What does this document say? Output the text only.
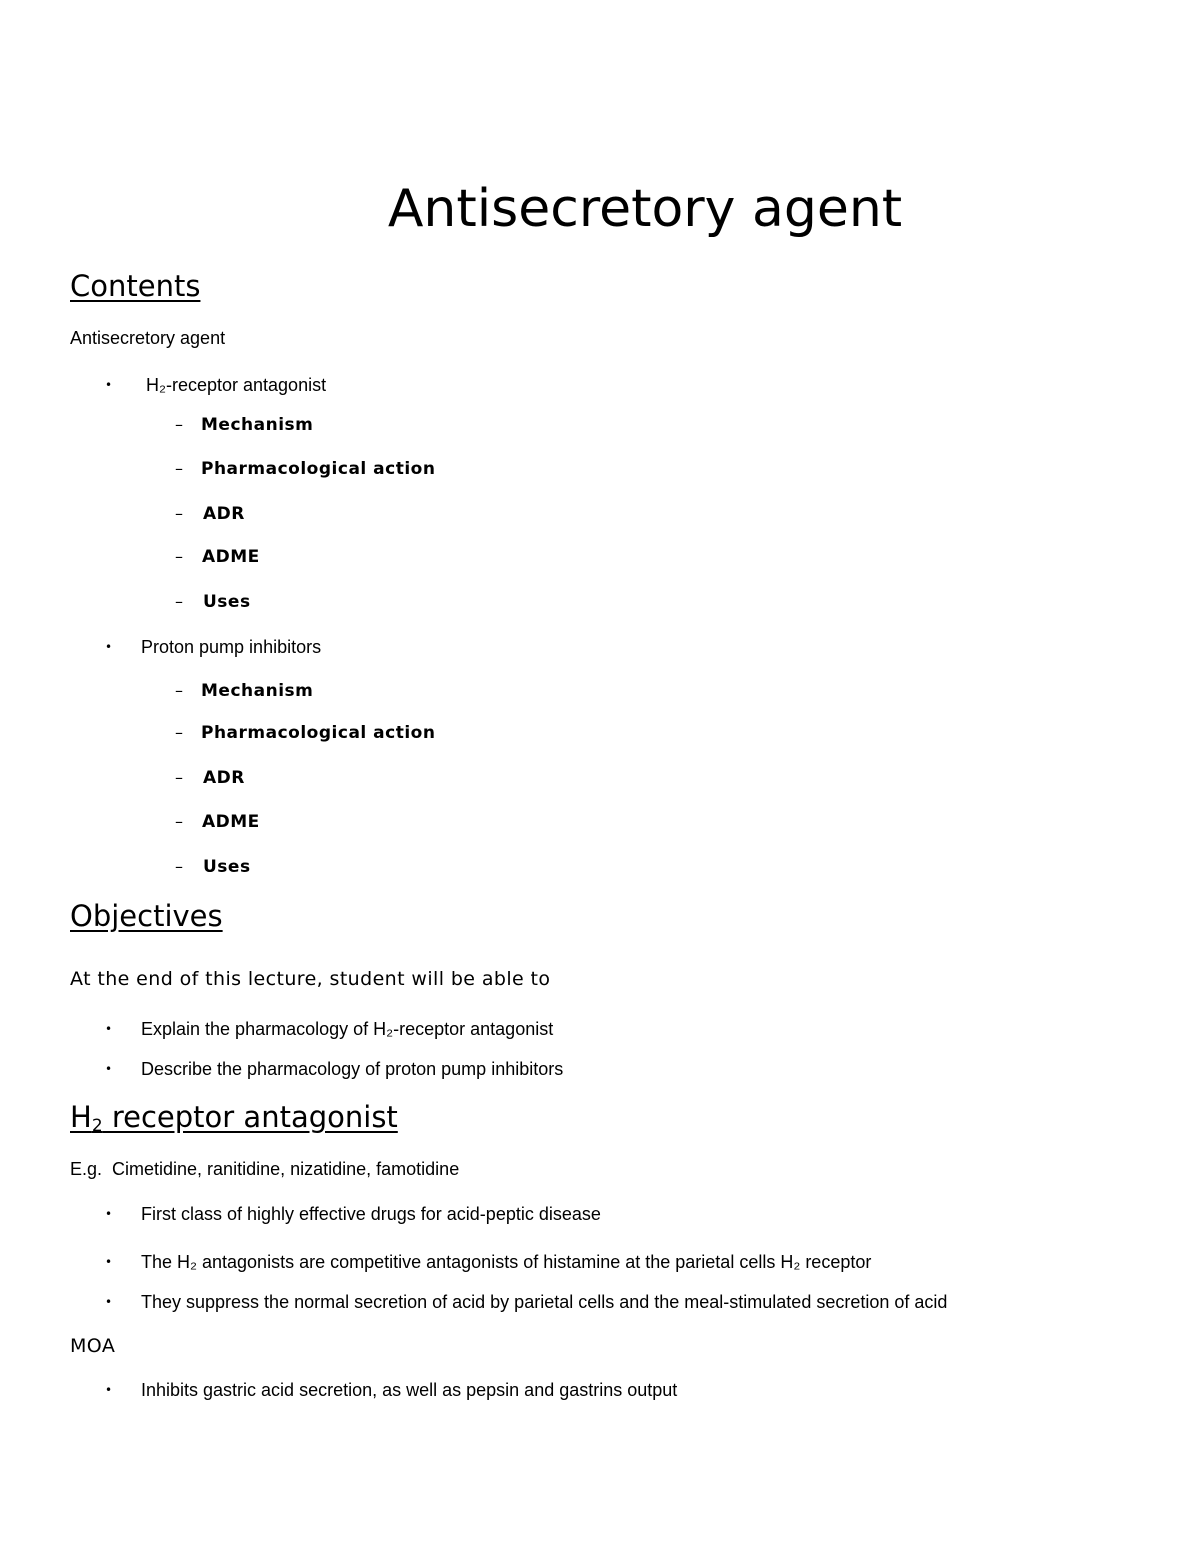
Antisecretory agent
Contents
Antisecretory agent
• H₂-receptor antagonist
– Mechanism
– Pharmacological action
– ADR
– ADME
– Uses
• Proton pump inhibitors
– Mechanism
– Pharmacological action
– ADR
– ADME
– Uses
Objectives
At the end of this lecture, student will be able to
• Explain the pharmacology of H₂-receptor antagonist
• Describe the pharmacology of proton pump inhibitors
$H_2$ receptor antagonist
E.g.  Cimetidine, ranitidine, nizatidine, famotidine
• First class of highly effective drugs for acid-peptic disease
• The H₂ antagonists are competitive antagonists of histamine at the parietal cells H₂ receptor
• They suppress the normal secretion of acid by parietal cells and the meal-stimulated secretion of acid
MOA
• Inhibits gastric acid secretion, as well as pepsin and gastrins output
